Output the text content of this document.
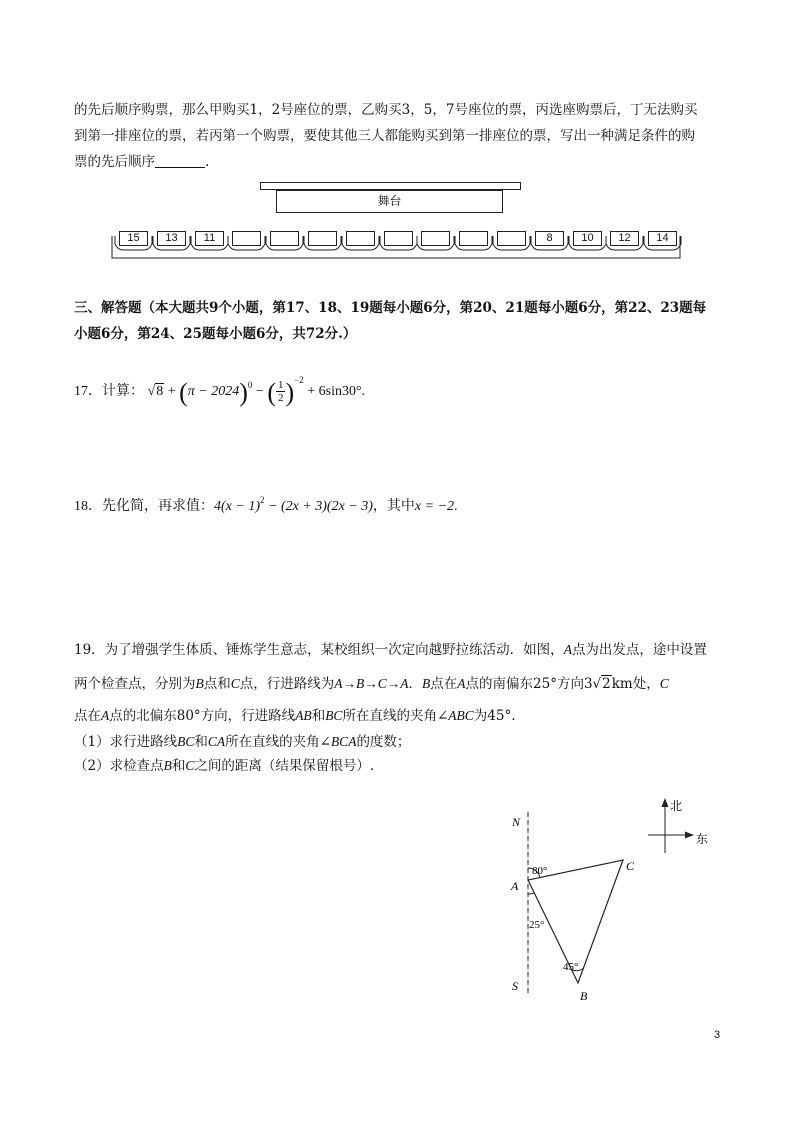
的先后顺序购票，那么甲购买1，2号座位的票，乙购买3，5，7号座位的票，丙选座购票后，丁无法购买
到第一排座位的票，若丙第一个购票，要使其他三人都能购买到第一排座位的票，写出一种满足条件的购
票的先后顺序	.
舞台
15	13	11	8	10	12	14
三、解答题（本大题共9个小题，第17、18、19题每小题6分，第20、21题每小题6分，第22、23题每
小题6分，第24、25题每小题6分，共72分.）
17．计算： $√8 + (\pi - 2024)^0$ − ( $\frac{1}{2} )^{-2} + 6\sin 30^\circ$.
18．先化简，再求值：$4(x - 1)^2 - (2x + 3)(2x - 3)$，其中x = −2.
19．为了增强学生体质、锤炼学生意志，某校组织一次定向越野拉练活动．如图，A点为出发点，途中设置
两个检查点，分别为B点和C点，行进路线为A→B→C→A．B点在A点的南偏东25°方向3√2km处，C
点在A点的北偏东80°方向，行进路线AB和BC所在直线的夹角∠ABC为45°.
（1）求行进路线BC和CA所在直线的夹角∠BCA的度数；
（2）求检查点B和C之间的距离（结果保留根号）.
N
S
A
B
C
80°
25°
45°
北
东
3
